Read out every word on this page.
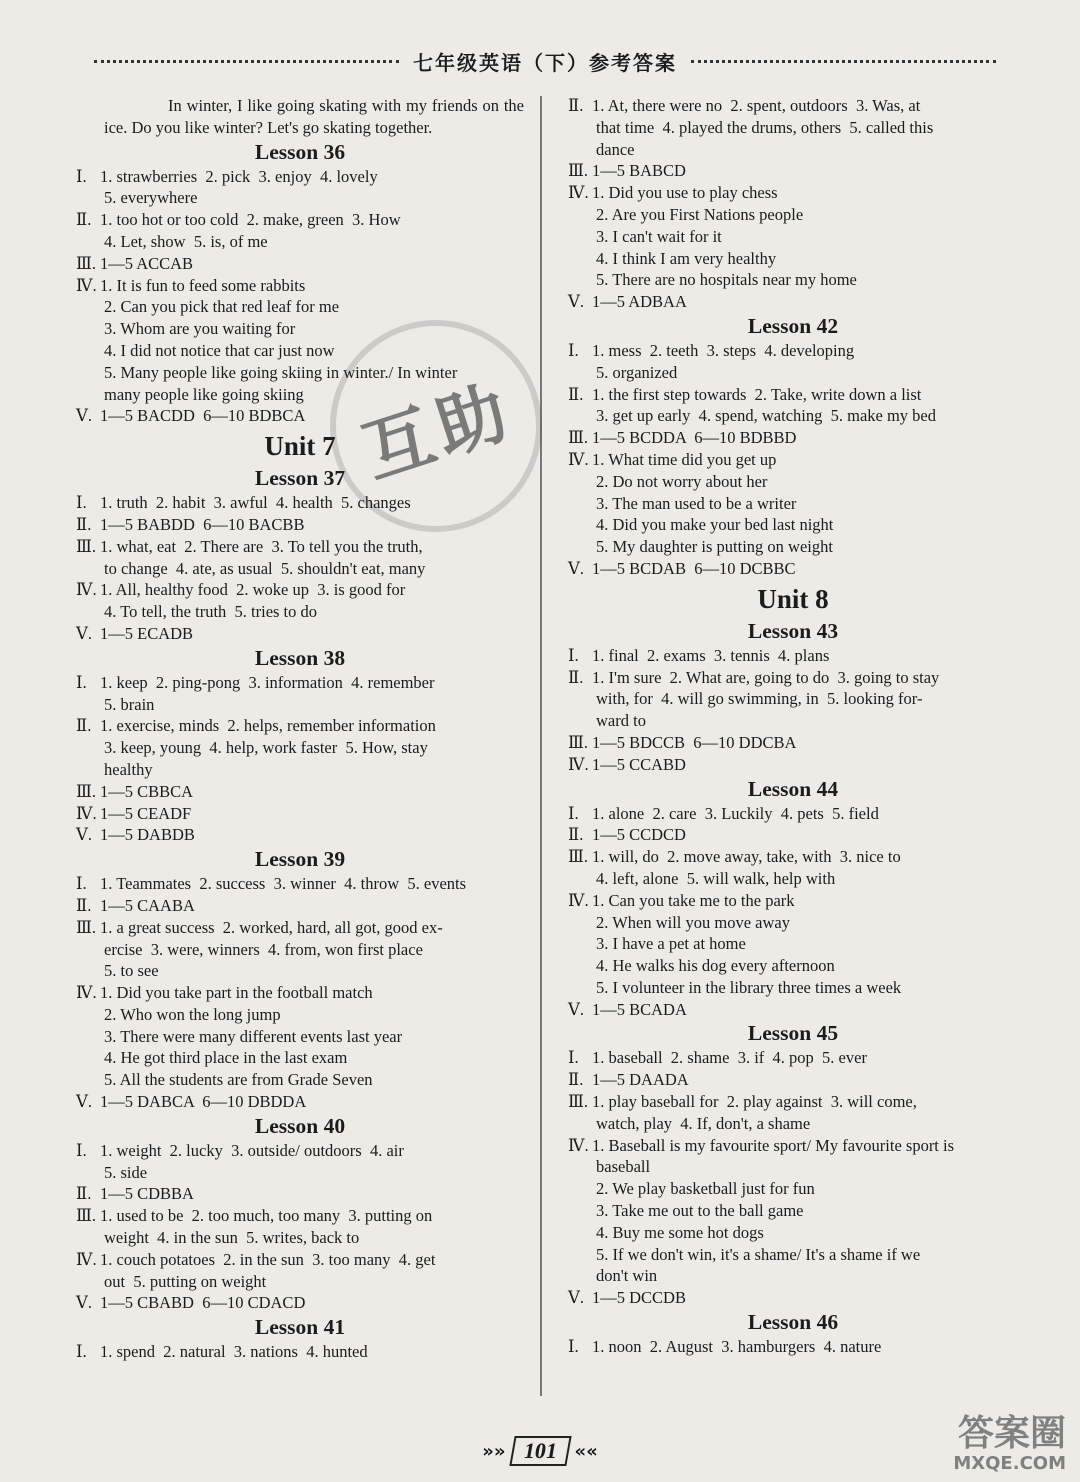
七年级英语（下）参考答案

In winter, I like going skating with my friends on the ice. Do you like winter? Let's go skating together.

Lesson 36
Ⅰ. 1. strawberries  2. pick  3. enjoy  4. lovely
5. everywhere
Ⅱ. 1. too hot or too cold  2. make, green  3. How
4. Let, show  5. is, of me
Ⅲ. 1—5 ACCAB
Ⅳ. 1. It is fun to feed some rabbits
2. Can you pick that red leaf for me
3. Whom are you waiting for
4. I did not notice that car just now
5. Many people like going skiing in winter./ In winter
many people like going skiing
Ⅴ. 1—5 BACDD  6—10 BDBCA
Unit 7
Lesson 37
Ⅰ. 1. truth  2. habit  3. awful  4. health  5. changes
Ⅱ. 1—5 BABDD  6—10 BACBB
Ⅲ. 1. what, eat  2. There are  3. To tell you the truth,
to change  4. ate, as usual  5. shouldn't eat, many
Ⅳ. 1. All, healthy food  2. woke up  3. is good for
4. To tell, the truth  5. tries to do
Ⅴ. 1—5 ECADB
Lesson 38
Ⅰ. 1. keep  2. ping-pong  3. information  4. remember
5. brain
Ⅱ. 1. exercise, minds  2. helps, remember information
3. keep, young  4. help, work faster  5. How, stay
healthy
Ⅲ. 1—5 CBBCA
Ⅳ. 1—5 CEADF
Ⅴ. 1—5 DABDB
Lesson 39
Ⅰ. 1. Teammates  2. success  3. winner  4. throw  5. events
Ⅱ. 1—5 CAABA
Ⅲ. 1. a great success  2. worked, hard, all got, good ex-
ercise  3. were, winners  4. from, won first place
5. to see
Ⅳ. 1. Did you take part in the football match
2. Who won the long jump
3. There were many different events last year
4. He got third place in the last exam
5. All the students are from Grade Seven
Ⅴ. 1—5 DABCA  6—10 DBDDA
Lesson 40
Ⅰ. 1. weight  2. lucky  3. outside/ outdoors  4. air
5. side
Ⅱ. 1—5 CDBBA
Ⅲ. 1. used to be  2. too much, too many  3. putting on
weight  4. in the sun  5. writes, back to
Ⅳ. 1. couch potatoes  2. in the sun  3. too many  4. get
out  5. putting on weight
Ⅴ. 1—5 CBABD  6—10 CDACD
Lesson 41
Ⅰ. 1. spend  2. natural  3. nations  4. hunted
Ⅱ. 1. At, there were no  2. spent, outdoors  3. Was, at
that time  4. played the drums, others  5. called this
dance
Ⅲ. 1—5 BABCD
Ⅳ. 1. Did you use to play chess
2. Are you First Nations people
3. I can't wait for it
4. I think I am very healthy
5. There are no hospitals near my home
Ⅴ. 1—5 ADBAA
Lesson 42
Ⅰ. 1. mess  2. teeth  3. steps  4. developing
5. organized
Ⅱ. 1. the first step towards  2. Take, write down a list
3. get up early  4. spend, watching  5. make my bed
Ⅲ. 1—5 BCDDA  6—10 BDBBD
Ⅳ. 1. What time did you get up
2. Do not worry about her
3. The man used to be a writer
4. Did you make your bed last night
5. My daughter is putting on weight
Ⅴ. 1—5 BCDAB  6—10 DCBBC
Unit 8
Lesson 43
Ⅰ. 1. final  2. exams  3. tennis  4. plans
Ⅱ. 1. I'm sure  2. What are, going to do  3. going to stay
with, for  4. will go swimming, in  5. looking for-
ward to
Ⅲ. 1—5 BDCCB  6—10 DDCBA
Ⅳ. 1—5 CCABD
Lesson 44
Ⅰ. 1. alone  2. care  3. Luckily  4. pets  5. field
Ⅱ. 1—5 CCDCD
Ⅲ. 1. will, do  2. move away, take, with  3. nice to
4. left, alone  5. will walk, help with
Ⅳ. 1. Can you take me to the park
2. When will you move away
3. I have a pet at home
4. He walks his dog every afternoon
5. I volunteer in the library three times a week
Ⅴ. 1—5 BCADA
Lesson 45
Ⅰ. 1. baseball  2. shame  3. if  4. pop  5. ever
Ⅱ. 1—5 DAADA
Ⅲ. 1. play baseball for  2. play against  3. will come,
watch, play  4. If, don't, a shame
Ⅳ. 1. Baseball is my favourite sport/ My favourite sport is
baseball
2. We play basketball just for fun
3. Take me out to the ball game
4. Buy me some hot dogs
5. If we don't win, it's a shame/ It's a shame if we
don't win
Ⅴ. 1—5 DCCDB
Lesson 46
Ⅰ. 1. noon  2. August  3. hamburgers  4. nature
互助
»» 101 ««	答案圈
MXQE.COM
